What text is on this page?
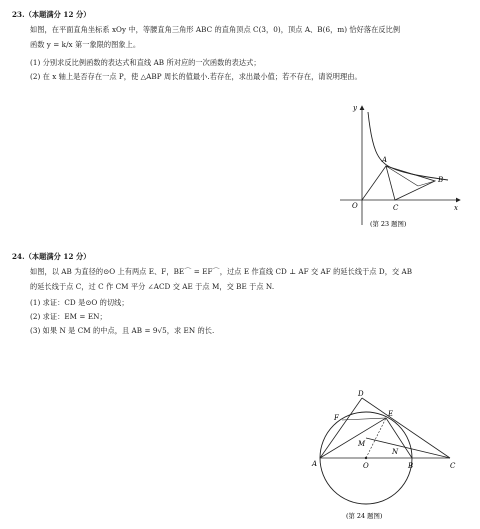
23.（本题满分 12 分）
如图，在平面直角坐标系 xOy 中，等腰直角三角形 ABC 的直角顶点 C(3，0)，顶点 A、B(6，m) 恰好落在反比例
函数 y = k/x 第一象限的图象上。
(1) 分别求反比例函数的表达式和直线 AB 所对应的一次函数的表达式；
(2) 在 x 轴上是否存在一点 P，使 △ABP 周长的值最小.若存在，求出最小值；若不存在，请说明理由。
y
x
O
A
B
C
(第 23 题图)
24.（本题满分 12 分）
如图，以 AB 为直径的⊙O 上有两点 E、F，BE⌒ = EF⌒，过点 E 作直线 CD ⊥ AF 交 AF 的延长线于点 D，交 AB
的延长线于点 C，过 C 作 CM 平分 ∠ACD 交 AE 于点 M，交 BE 于点 N.
(1) 求证：CD 是⊙O 的切线；
(2) 求证：EM = EN；
(3) 如果 N 是 CM 的中点，且 AB = 9√5，求 EN 的长.
A	B	C
D
E
F
M
N
O
(第 24 题图)
